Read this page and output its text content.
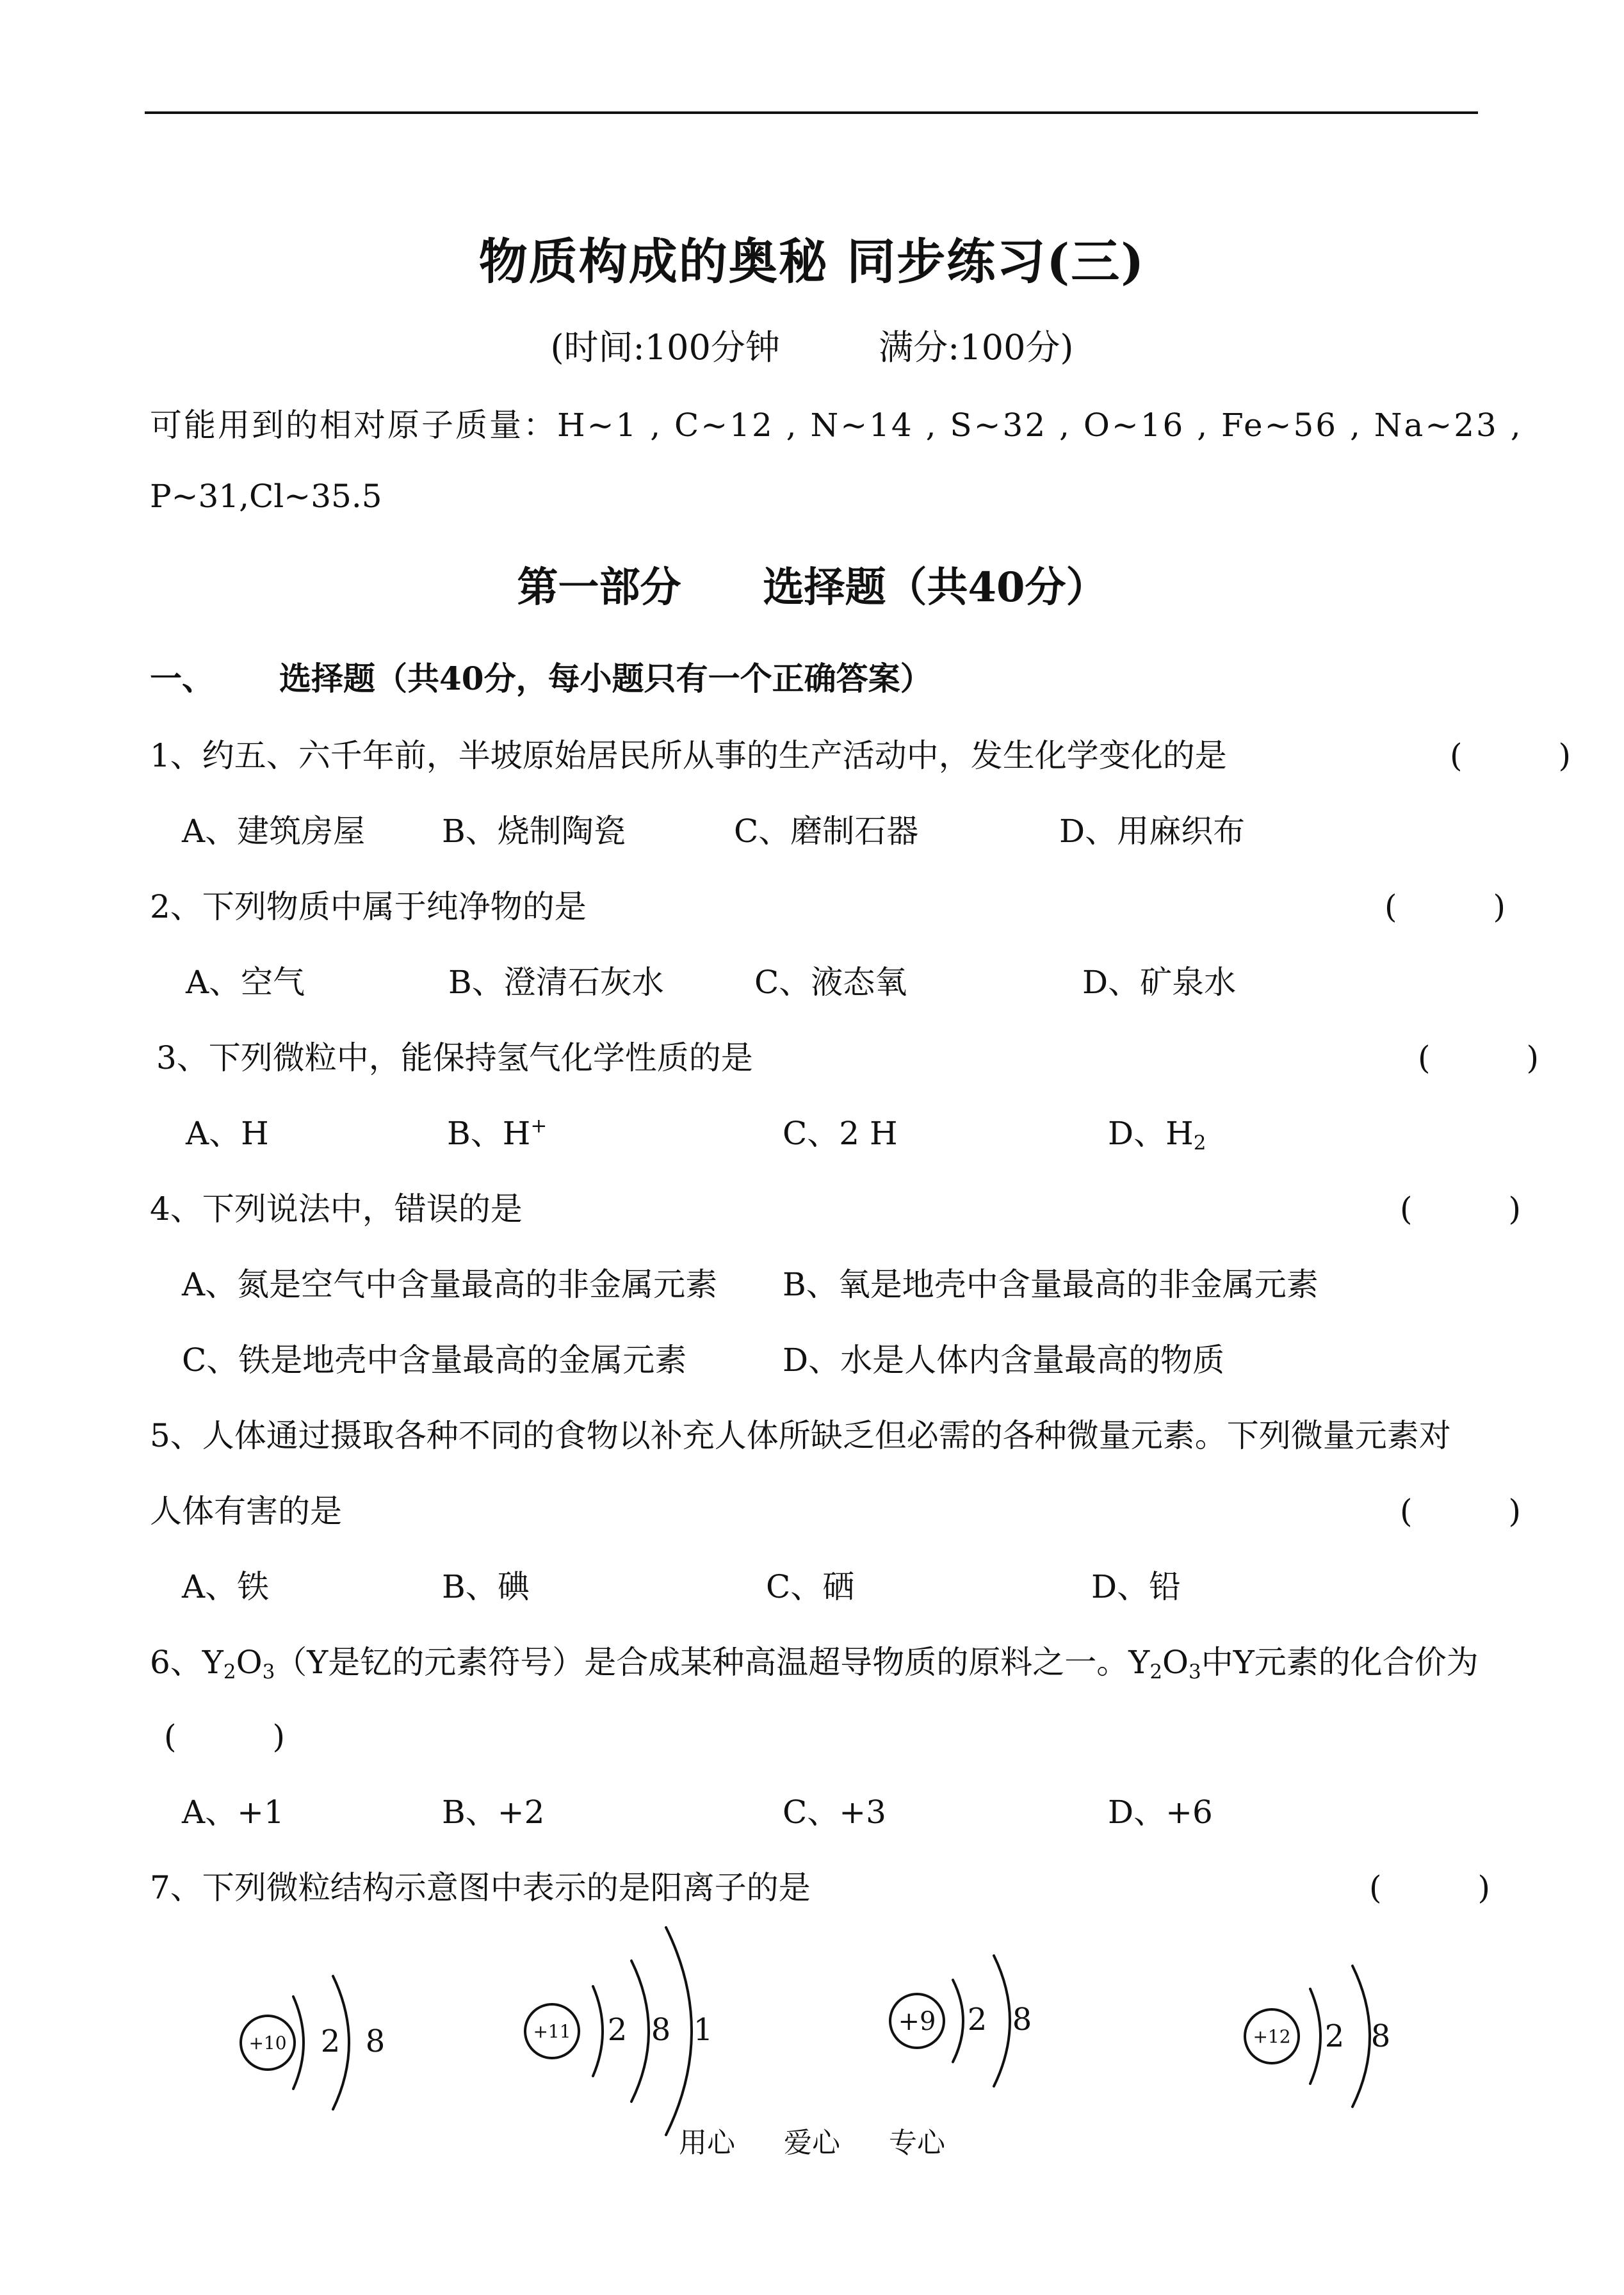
物质构成的奥秘 同步练习(三)
(时间:100分钟	满分:100分)
可能用到的相对原子质量：H~1 , C~12 , N~14 , S~32 , O~16 , Fe~56 , Na~23 ,
P~31,Cl~35.5
第一部分　　选择题（共40分）
一、 选择题（共40分，每小题只有一个正确答案）
1、约五、六千年前，半坡原始居民所从事的生产活动中，发生化学变化的是	(　　　)
A、建筑房屋 B、烧制陶瓷	C、磨制石器	D、用麻织布
2、下列物质中属于纯净物的是	(　　　)
A、空气	B、澄清石灰水	C、液态氧	D、矿泉水
3、下列微粒中，能保持氢气化学性质的是	(　　　)
A、H	B、H+	C、2 H	D、$H_2$
4、下列说法中，错误的是	(　　　)
A、氮是空气中含量最高的非金属元素 B、氧是地壳中含量最高的非金属元素
C、铁是地壳中含量最高的金属元素	D、水是人体内含量最高的物质
5、人体通过摄取各种不同的食物以补充人体所缺乏但必需的各种微量元素。下列微量元素对
人体有害的是	(　　　)
A、铁	B、碘	C、硒	D、铅
6、$Y_2O_3(Y$是钇的元素符号）是合成某种高温超导物质的原料之一。$Y_2O_3$中Y元素的化合价为
(　　　)
A、+1	B、+2	C、+3	D、+6
7、下列微粒结构示意图中表示的是阳离子的是	(　　　)
+10 2 8	+11 2 8 1	+9 2 8	+12 2 8
用心 爱心 专心
